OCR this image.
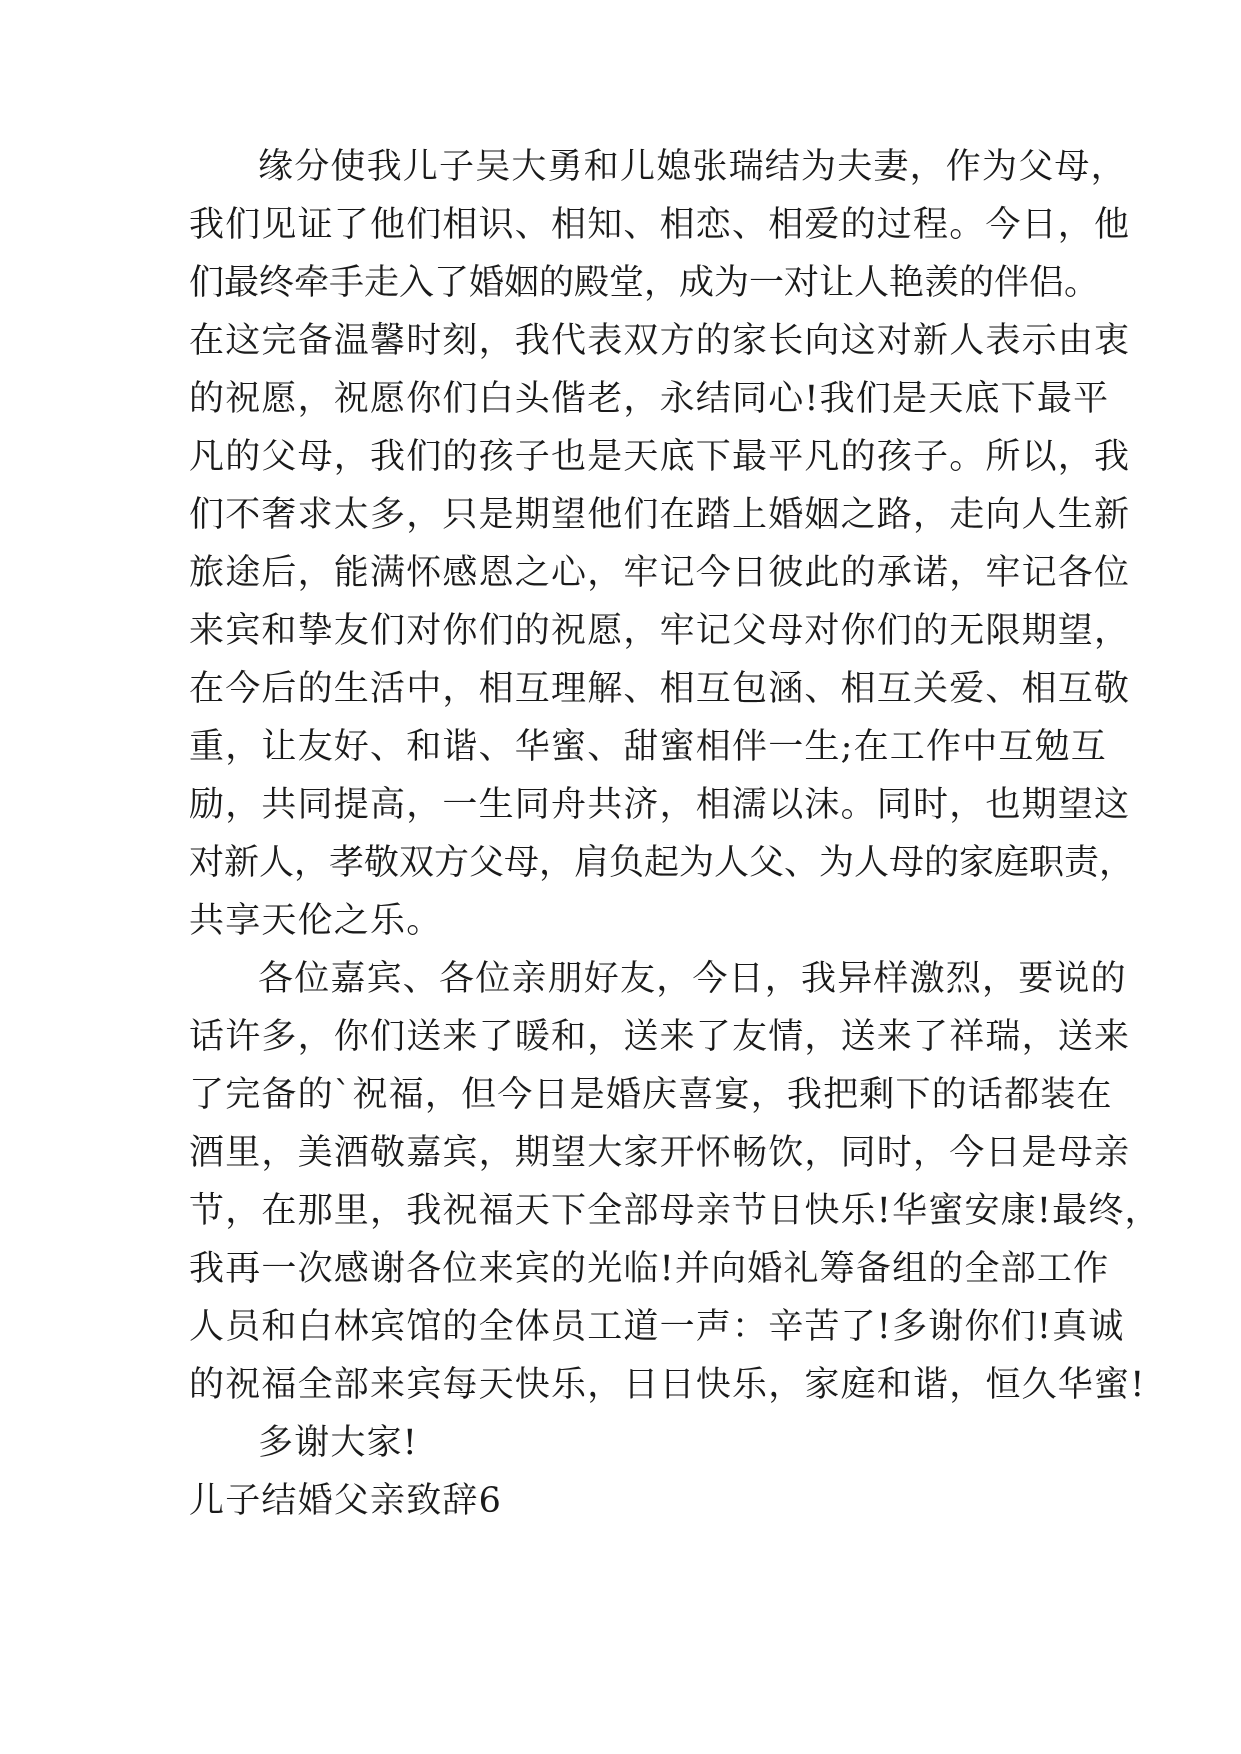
缘分使我儿子吴大勇和儿媳张瑞结为夫妻，作为父母，
我们见证了他们相识、相知、相恋、相爱的过程。今日，他
们最终牵手走入了婚姻的殿堂，成为一对让人艳羡的伴侣。
在这完备温馨时刻，我代表双方的家长向这对新人表示由衷
的祝愿，祝愿你们白头偕老，永结同心!我们是天底下最平
凡的父母，我们的孩子也是天底下最平凡的孩子。所以，我
们不奢求太多，只是期望他们在踏上婚姻之路，走向人生新
旅途后，能满怀感恩之心，牢记今日彼此的承诺，牢记各位
来宾和挚友们对你们的祝愿，牢记父母对你们的无限期望，
在今后的生活中，相互理解、相互包涵、相互关爱、相互敬
重，让友好、和谐、华蜜、甜蜜相伴一生;在工作中互勉互
励，共同提高，一生同舟共济，相濡以沫。同时，也期望这
对新人，孝敬双方父母，肩负起为人父、为人母的家庭职责，
共享天伦之乐。
各位嘉宾、各位亲朋好友，今日，我异样激烈，要说的
话许多，你们送来了暖和，送来了友情，送来了祥瑞，送来
了完备的`祝福，但今日是婚庆喜宴，我把剩下的话都装在
酒里，美酒敬嘉宾，期望大家开怀畅饮，同时，今日是母亲
节，在那里，我祝福天下全部母亲节日快乐!华蜜安康!最终，
我再一次感谢各位来宾的光临!并向婚礼筹备组的全部工作
人员和白林宾馆的全体员工道一声：辛苦了!多谢你们!真诚
的祝福全部来宾每天快乐，日日快乐，家庭和谐，恒久华蜜!
多谢大家!
儿子结婚父亲致辞6
